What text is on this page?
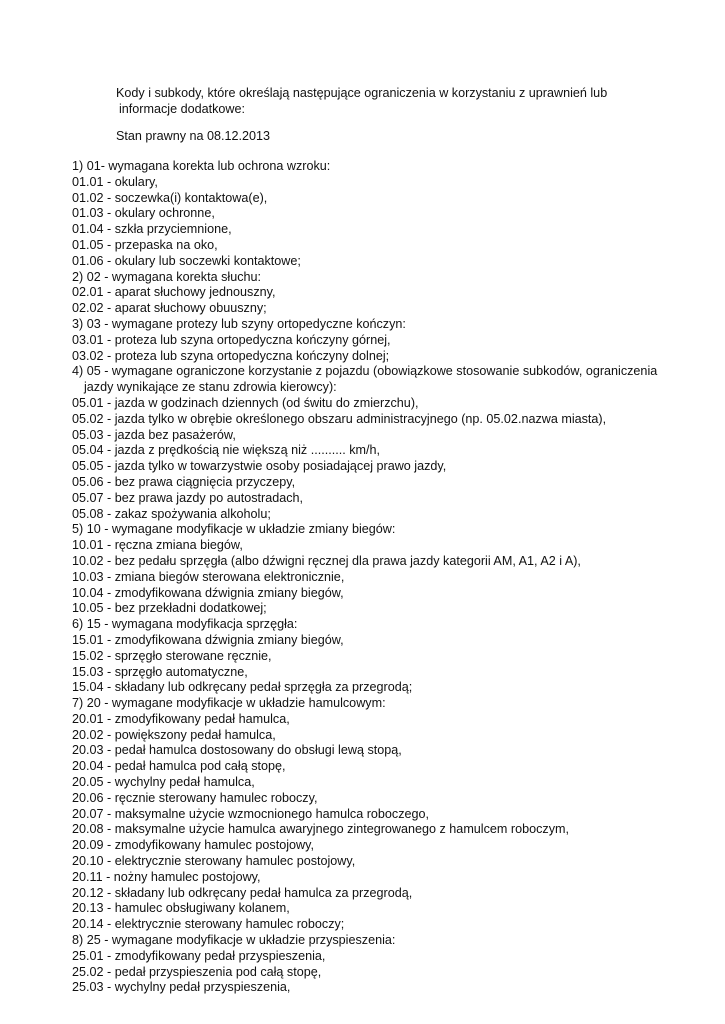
Kody i subkody, które określają następujące ograniczenia w korzystaniu z uprawnień lub
informacje dodatkowe:
Stan prawny na 08.12.2013
1) 01- wymagana korekta lub ochrona wzroku:
01.01 - okulary,
01.02 - soczewka(i) kontaktowa(e),
01.03 - okulary ochronne,
01.04 - szkła przyciemnione,
01.05 - przepaska na oko,
01.06 - okulary lub soczewki kontaktowe;
2) 02 - wymagana korekta słuchu:
02.01 - aparat słuchowy jednouszny,
02.02 - aparat słuchowy obuuszny;
3) 03 - wymagane protezy lub szyny ortopedyczne kończyn:
03.01 - proteza lub szyna ortopedyczna kończyny górnej,
03.02 - proteza lub szyna ortopedyczna kończyny dolnej;
4) 05 - wymagane ograniczone korzystanie z pojazdu (obowiązkowe stosowanie subkodów, ograniczenia
jazdy wynikające ze stanu zdrowia kierowcy):
05.01 - jazda w godzinach dziennych (od świtu do zmierzchu),
05.02 - jazda tylko w obrębie określonego obszaru administracyjnego (np. 05.02.nazwa miasta),
05.03 - jazda bez pasażerów,
05.04 - jazda z prędkością nie większą niż .......... km/h,
05.05 - jazda tylko w towarzystwie osoby posiadającej prawo jazdy,
05.06 - bez prawa ciągnięcia przyczepy,
05.07 - bez prawa jazdy po autostradach,
05.08 - zakaz spożywania alkoholu;
5) 10 - wymagane modyfikacje w układzie zmiany biegów:
10.01 - ręczna zmiana biegów,
10.02 - bez pedału sprzęgła (albo dźwigni ręcznej dla prawa jazdy kategorii AM, A1, A2 i A),
10.03 - zmiana biegów sterowana elektronicznie,
10.04 - zmodyfikowana dźwignia zmiany biegów,
10.05 - bez przekładni dodatkowej;
6) 15 - wymagana modyfikacja sprzęgła:
15.01 - zmodyfikowana dźwignia zmiany biegów,
15.02 - sprzęgło sterowane ręcznie,
15.03 - sprzęgło automatyczne,
15.04 - składany lub odkręcany pedał sprzęgła za przegrodą;
7) 20 - wymagane modyfikacje w układzie hamulcowym:
20.01 - zmodyfikowany pedał hamulca,
20.02 - powiększony pedał hamulca,
20.03 - pedał hamulca dostosowany do obsługi lewą stopą,
20.04 - pedał hamulca pod całą stopę,
20.05 - wychylny pedał hamulca,
20.06 - ręcznie sterowany hamulec roboczy,
20.07 - maksymalne użycie wzmocnionego hamulca roboczego,
20.08 - maksymalne użycie hamulca awaryjnego zintegrowanego z hamulcem roboczym,
20.09 - zmodyfikowany hamulec postojowy,
20.10 - elektrycznie sterowany hamulec postojowy,
20.11 - nożny hamulec postojowy,
20.12 - składany lub odkręcany pedał hamulca za przegrodą,
20.13 - hamulec obsługiwany kolanem,
20.14 - elektrycznie sterowany hamulec roboczy;
8) 25 - wymagane modyfikacje w układzie przyspieszenia:
25.01 - zmodyfikowany pedał przyspieszenia,
25.02 - pedał przyspieszenia pod całą stopę,
25.03 - wychylny pedał przyspieszenia,
